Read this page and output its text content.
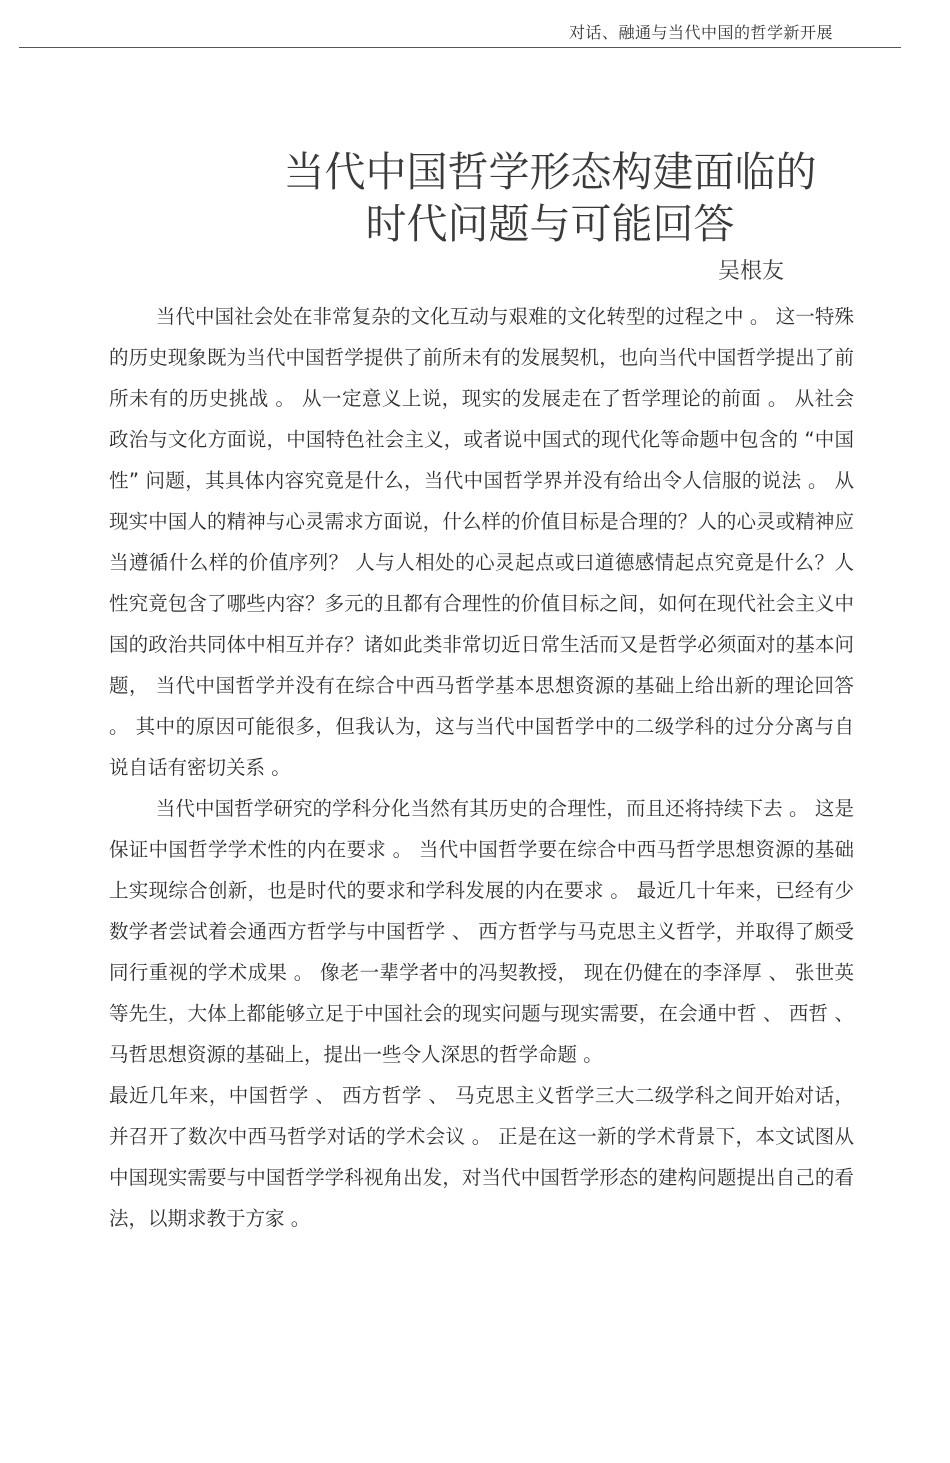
对话、融通与当代中国的哲学新开展
当代中国哲学形态构建面临的
时代问题与可能回答
吴根友

当代中国社会处在非常复杂的文化互动与艰难的文化转型的过程之中 。 这一特殊的历史现象既为当代中国哲学提供了前所未有的发展契机，也向当代中国哲学提出了前所未有的历史挑战 。 从一定意义上说，现实的发展走在了哲学理论的前面 。 从社会政治与文化方面说，中国特色社会主义，或者说中国式的现代化等命题中包含的 “中国性” 问题，其具体内容究竟是什么，当代中国哲学界并没有给出令人信服的说法 。 从现实中国人的精神与心灵需求方面说，什么样的价值目标是合理的？人的心灵或精神应当遵循什么样的价值序列？ 人与人相处的心灵起点或曰道德感情起点究竟是什么？人性究竟包含了哪些内容？多元的且都有合理性的价值目标之间，如何在现代社会主义中国的政治共同体中相互并存？诸如此类非常切近日常生活而又是哲学必须面对的基本问题， 当代中国哲学并没有在综合中西马哲学基本思想资源的基础上给出新的理论回答 。 其中的原因可能很多，但我认为，这与当代中国哲学中的二级学科的过分分离与自说自话有密切关系 。

当代中国哲学研究的学科分化当然有其历史的合理性，而且还将持续下去 。 这是保证中国哲学学术性的内在要求 。 当代中国哲学要在综合中西马哲学思想资源的基础上实现综合创新，也是时代的要求和学科发展的内在要求 。 最近几十年来，已经有少数学者尝试着会通西方哲学与中国哲学 、 西方哲学与马克思主义哲学，并取得了颇受同行重视的学术成果 。 像老一辈学者中的冯契教授， 现在仍健在的李泽厚 、 张世英等先生，大体上都能够立足于中国社会的现实问题与现实需要，在会通中哲 、 西哲 、 马哲思想资源的基础上，提出一些令人深思的哲学命题 。

最近几年来，中国哲学 、 西方哲学 、 马克思主义哲学三大二级学科之间开始对话，并召开了数次中西马哲学对话的学术会议 。 正是在这一新的学术背景下，本文试图从中国现实需要与中国哲学学科视角出发，对当代中国哲学形态的建构问题提出自己的看法，以期求教于方家 。
